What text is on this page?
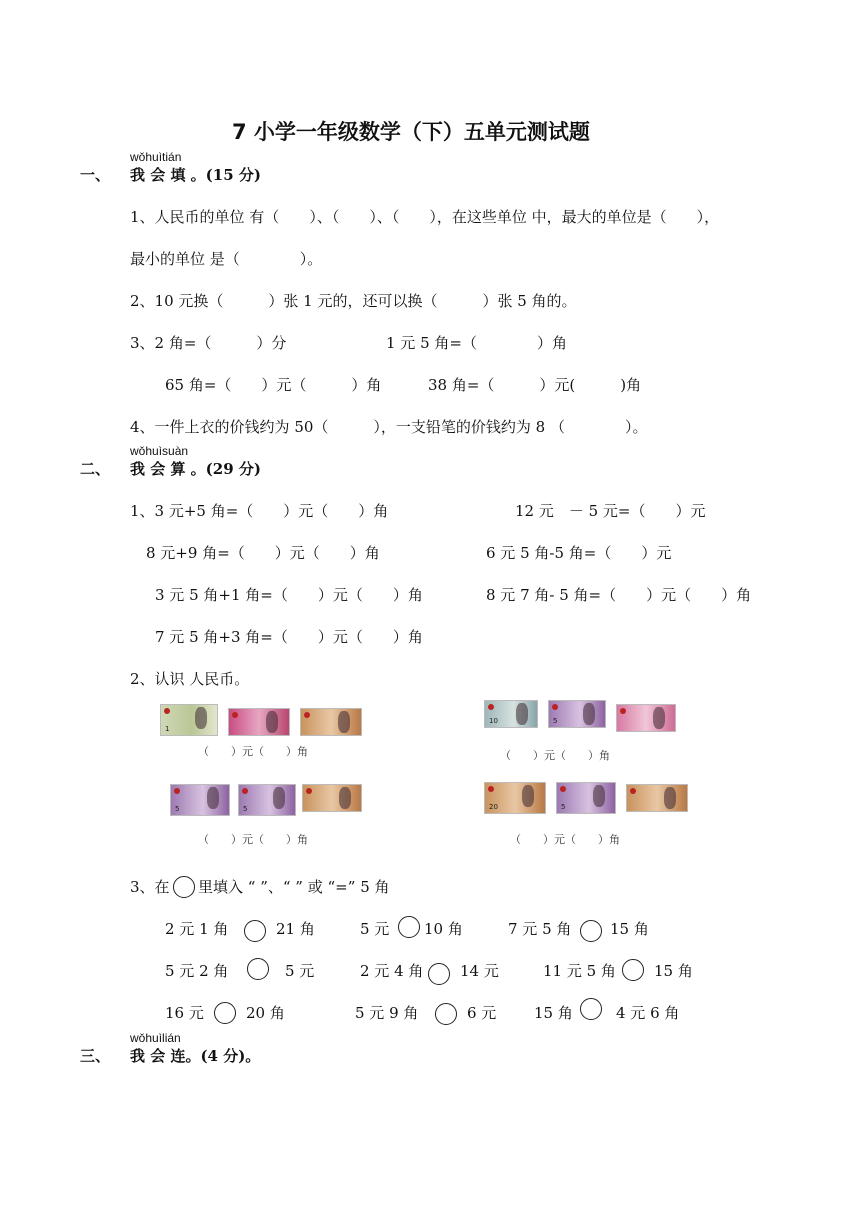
7 小学一年级数学（下）五单元测试题
wǒhuìtián
一、 我 会 填 。(15 分)
1、人民币的单位 有（　　）、（　　）、（　　），在这些单位 中，最大的单位是（　　），
最小的单位 是（　　　　）。
2、10 元换（　　　）张 1 元的，还可以换（　　　）张 5 角的。
3、2 角=（　　　）分	1 元 5 角=（　　　　）角
65 角=（　　）元（　　　）角	38 角=（　　　）元(　　　)角
4、一件上衣的价钱约为 50（　　　），一支铅笔的价钱约为 8 （　　　　）。
wǒhuìsuàn
二、 我 会 算 。(29 分)
1、3 元+5 角=（　　）元（　　）角	12 元　－ 5 元=（　　）元
8 元+9 角=（　　）元（　　）角	6 元 5 角-5 角=（　　）元
3 元 5 角+1 角=（　　）元（　　）角	8 元 7 角- 5 角=（　　）元（　　）角
7 元 5 角+3 角=（　　）元（　　）角
2、认识 人民币。
1
（　　）元（　　）角
10	5
（　　）元（　　）角
5	5
（　　）元（　　）角
20	5
（　　）元（　　）角
3、在 里填入 “ ”、“ ” 或 “=” 5 角
2 元 1 角	21 角	5 元 10 角	7 元 5 角	15 角
5 元 2 角	5 元	2 元 4 角 14 元	11 元 5 角	15 角
16 元	20 角	5 元 9 角	6 元	15 角	4 元 6 角
wǒhuìlián
三、 我 会 连。(4 分)。
